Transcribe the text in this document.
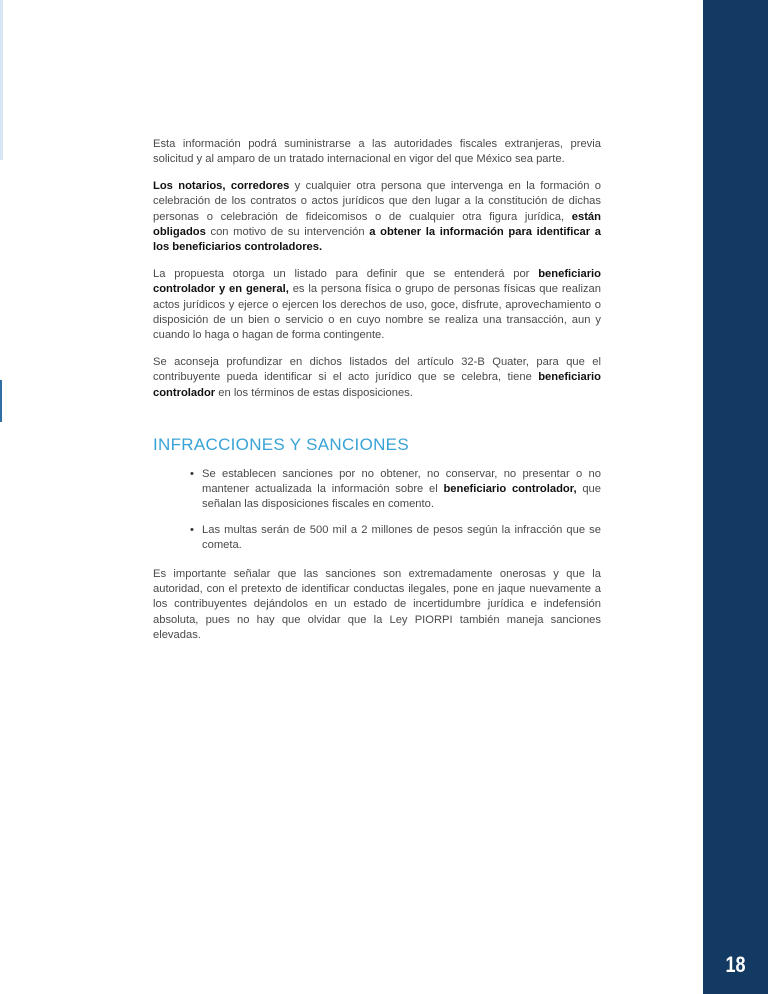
18

Esta información podrá suministrarse a las autoridades fiscales extranjeras, previa solicitud y al amparo de un tratado internacional en vigor del que México sea parte.

Los notarios, corredores y cualquier otra persona que intervenga en la formación o celebración de los contratos o actos jurídicos que den lugar a la constitución de dichas personas o celebración de fideicomisos o de cualquier otra figura jurídica, están obligados con motivo de su intervención a obtener la información para identificar a los beneficiarios controladores.

La propuesta otorga un listado para definir que se entenderá por beneficiario controlador y en general, es la persona física o grupo de personas físicas que realizan actos jurídicos y ejerce o ejercen los derechos de uso, goce, disfrute, aprovechamiento o disposición de un bien o servicio o en cuyo nombre se realiza una transacción, aun y cuando lo haga o hagan de forma contingente.

Se aconseja profundizar en dichos listados del artículo 32-B Quater, para que el contribuyente pueda identificar si el acto jurídico que se celebra, tiene beneficiario controlador en los términos de estas disposiciones.

INFRACCIONES Y SANCIONES
• Se establecen sanciones por no obtener, no conservar, no presentar o no mantener actualizada la información sobre el beneficiario controlador, que señalan las disposiciones fiscales en comento.
• Las multas serán de 500 mil a 2 millones de pesos según la infracción que se cometa.

Es importante señalar que las sanciones son extremadamente onerosas y que la autoridad, con el pretexto de identificar conductas ilegales, pone en jaque nuevamente a los contribuyentes dejándolos en un estado de incertidumbre jurídica e indefensión absoluta, pues no hay que olvidar que la Ley PIORPI también maneja sanciones elevadas.
